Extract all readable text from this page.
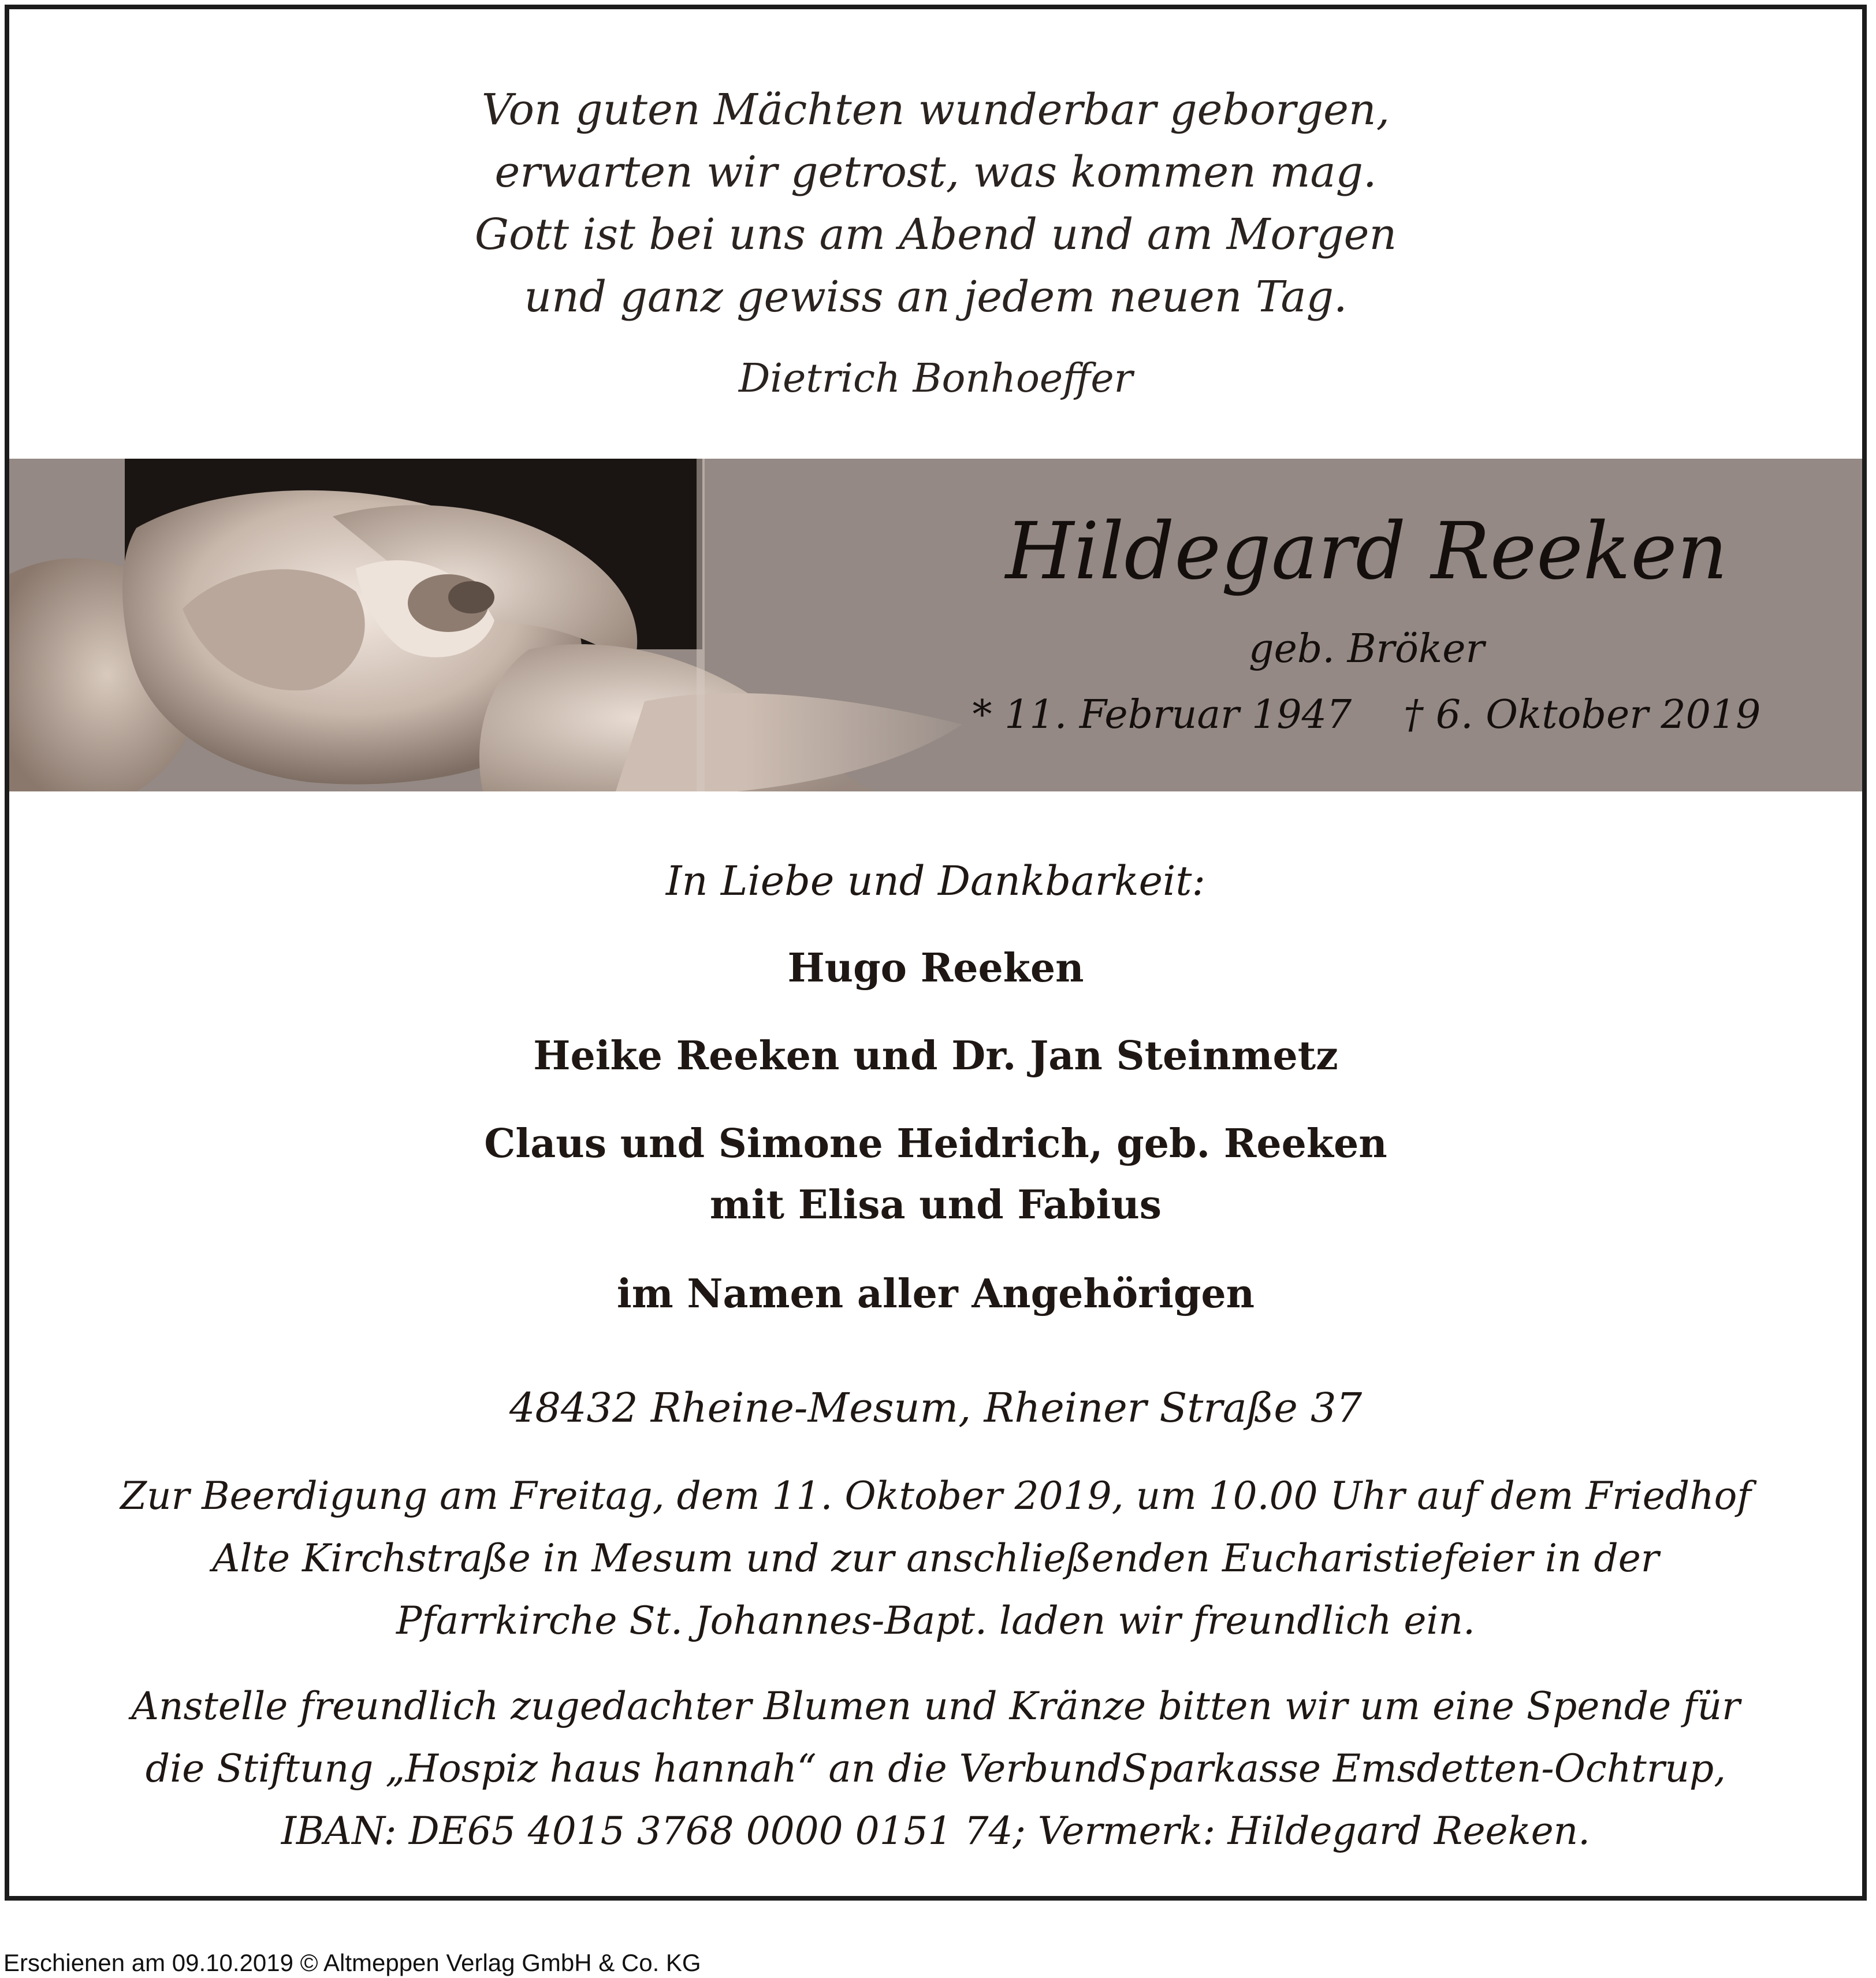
Von guten Mächten wunderbar geborgen,
erwarten wir getrost, was kommen mag.
Gott ist bei uns am Abend und am Morgen
und ganz gewiss an jedem neuen Tag.
Dietrich Bonhoeffer
Hildegard Reeken
geb. Bröker
* 11. Februar 1947 † 6. Oktober 2019
In Liebe und Dankbarkeit:
Hugo Reeken
Heike Reeken und Dr. Jan Steinmetz
Claus und Simone Heidrich, geb. Reeken
mit Elisa und Fabius
im Namen aller Angehörigen
48432 Rheine-Mesum, Rheiner Straße 37
Zur Beerdigung am Freitag, dem 11. Oktober 2019, um 10.00 Uhr auf dem Friedhof
Alte Kirchstraße in Mesum und zur anschließenden Eucharistiefeier in der
Pfarrkirche St. Johannes-Bapt. laden wir freundlich ein.
Anstelle freundlich zugedachter Blumen und Kränze bitten wir um eine Spende für
die Stiftung „Hospiz haus hannah“ an die VerbundSparkasse Emsdetten-Ochtrup,
IBAN: DE65 4015 3768 0000 0151 74; Vermerk: Hildegard Reeken.
Erschienen am 09.10.2019 © Altmeppen Verlag GmbH & Co. KG
